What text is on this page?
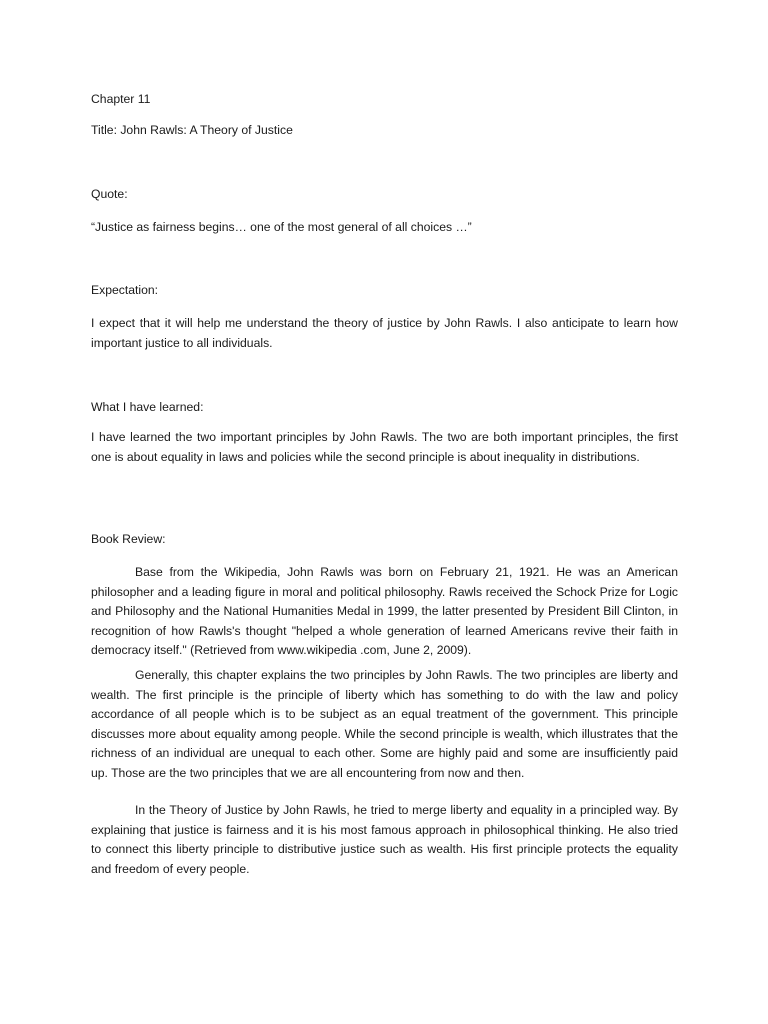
Chapter 11

Title: John Rawls: A Theory of Justice

Quote:

“Justice as fairness begins… one of the most general of all choices …”

Expectation:

I expect that it will help me understand the theory of justice by John Rawls. I also anticipate to learn how important justice to all individuals.

What I have learned:

I have learned the two important principles by John Rawls. The two are both important principles, the first one is about equality in laws and policies while the second principle is about inequality in distributions.

Book Review:

Base from the Wikipedia, John Rawls was born on February 21, 1921. He was an American philosopher and a leading figure in moral and political philosophy. Rawls received the Schock Prize for Logic and Philosophy and the National Humanities Medal in 1999, the latter presented by President Bill Clinton, in recognition of how Rawls's thought "helped a whole generation of learned Americans revive their faith in democracy itself." (Retrieved from www.wikipedia .com, June 2, 2009).

Generally, this chapter explains the two principles by John Rawls. The two principles are liberty and wealth. The first principle is the principle of liberty which has something to do with the law and policy accordance of all people which is to be subject as an equal treatment of the government. This principle discusses more about equality among people. While the second principle is wealth, which illustrates that the richness of an individual are unequal to each other. Some are highly paid and some are insufficiently paid up. Those are the two principles that we are all encountering from now and then.

In the Theory of Justice by John Rawls, he tried to merge liberty and equality in a principled way. By explaining that justice is fairness and it is his most famous approach in philosophical thinking. He also tried to connect this liberty principle to distributive justice such as wealth. His first principle protects the equality and freedom of every people.
